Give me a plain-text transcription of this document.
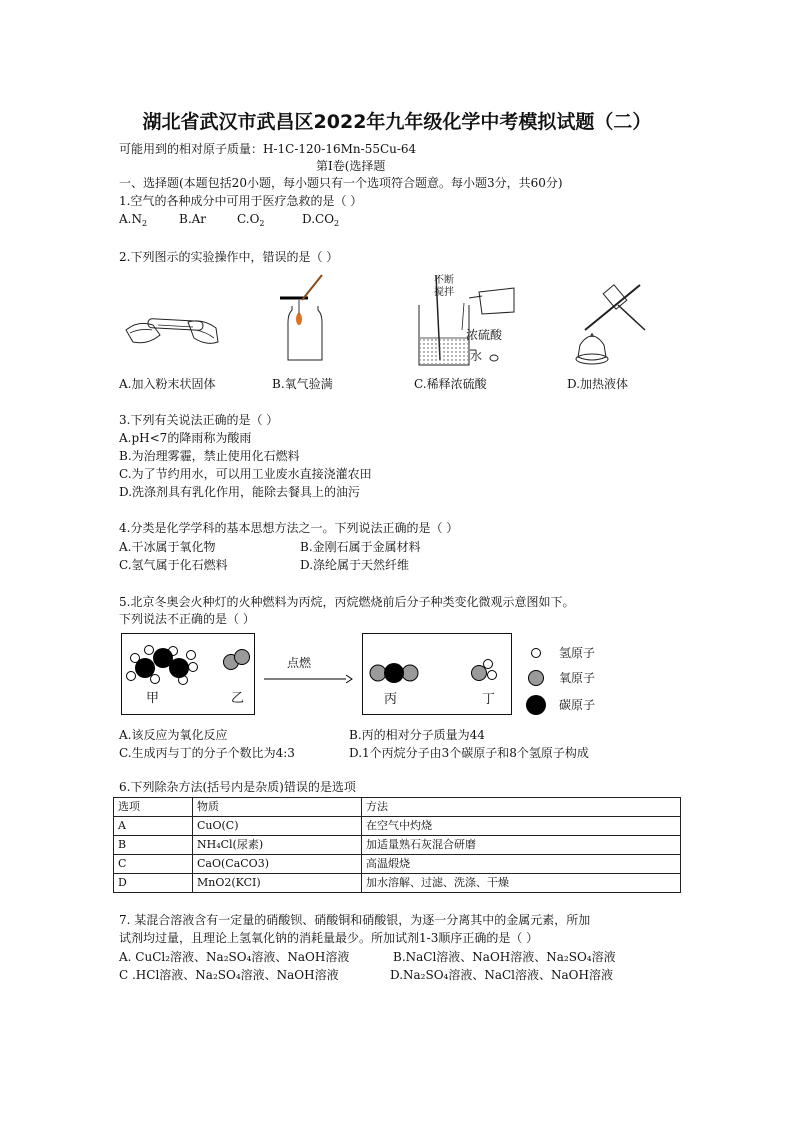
湖北省武汉市武昌区2022年九年级化学中考模拟试题（二）
可能用到的相对原子质量：H-1C-120-16Mn-55Cu-64
第Ⅰ卷(选择题
一、选择题(本题包括20小题，每小题只有一个选项符合题意。每小题3分，共60分)
1.空气的各种成分中可用于医疗急救的是（ ）
$A.N_2$	B.Ar	$C.O_2$	$D.CO_2$
2.下列图示的实验操作中，错误的是（ ）
不断
搅拌
浓硫酸
水
A.加入粉末状固体	B.氧气验满	C.稀释浓硫酸	D.加热液体
3.下列有关说法正确的是（ ）
A.pH<7的降雨称为酸雨
B.为治理雾霾，禁止使用化石燃料
C.为了节约用水，可以用工业废水直接浇灌农田
D.洗涤剂具有乳化作用，能除去餐具上的油污
4.分类是化学学科的基本思想方法之一。下列说法正确的是（ ）
A.干冰属于氧化物	B.金刚石属于金属材料
C.氢气属于化石燃料	D.涤纶属于天然纤维
5.北京冬奥会火种灯的火种燃料为丙烷，丙烷燃烧前后分子种类变化微观示意图如下。
下列说法不正确的是（ ）
甲	乙
点燃
丙	丁
氢原子
氧原子
碳原子
A.该反应为氧化反应	B.丙的相对分子质量为44
C.生成丙与丁的分子个数比为4:3	D.1个丙烷分子由3个碳原子和8个氢原子构成
6.下列除杂方法(括号内是杂质)错误的是选项
选项	物质	方法
A	CuO(C)	在空气中灼烧
B	NH₄Cl(尿素)	加适量熟石灰混合研磨
C	CaO(CaCO3)	高温煅烧
D	MnO2(KCI)	加水溶解、过滤、洗涤、干燥
7. 某混合溶液含有一定量的硝酸钡、硝酸铜和硝酸银，为逐一分离其中的金属元素，所加
试剂均过量，且理论上氢氧化钠的消耗量最少。所加试剂1-3顺序正确的是（ ）
A. CuCl₂溶液、Na₂SO₄溶液、NaOH溶液	B.NaCl溶液、NaOH溶液、Na₂SO₄溶液
C .HCl溶液、Na₂SO₄溶液、NaOH溶液	D.Na₂SO₄溶液、NaCl溶液、NaOH溶液
